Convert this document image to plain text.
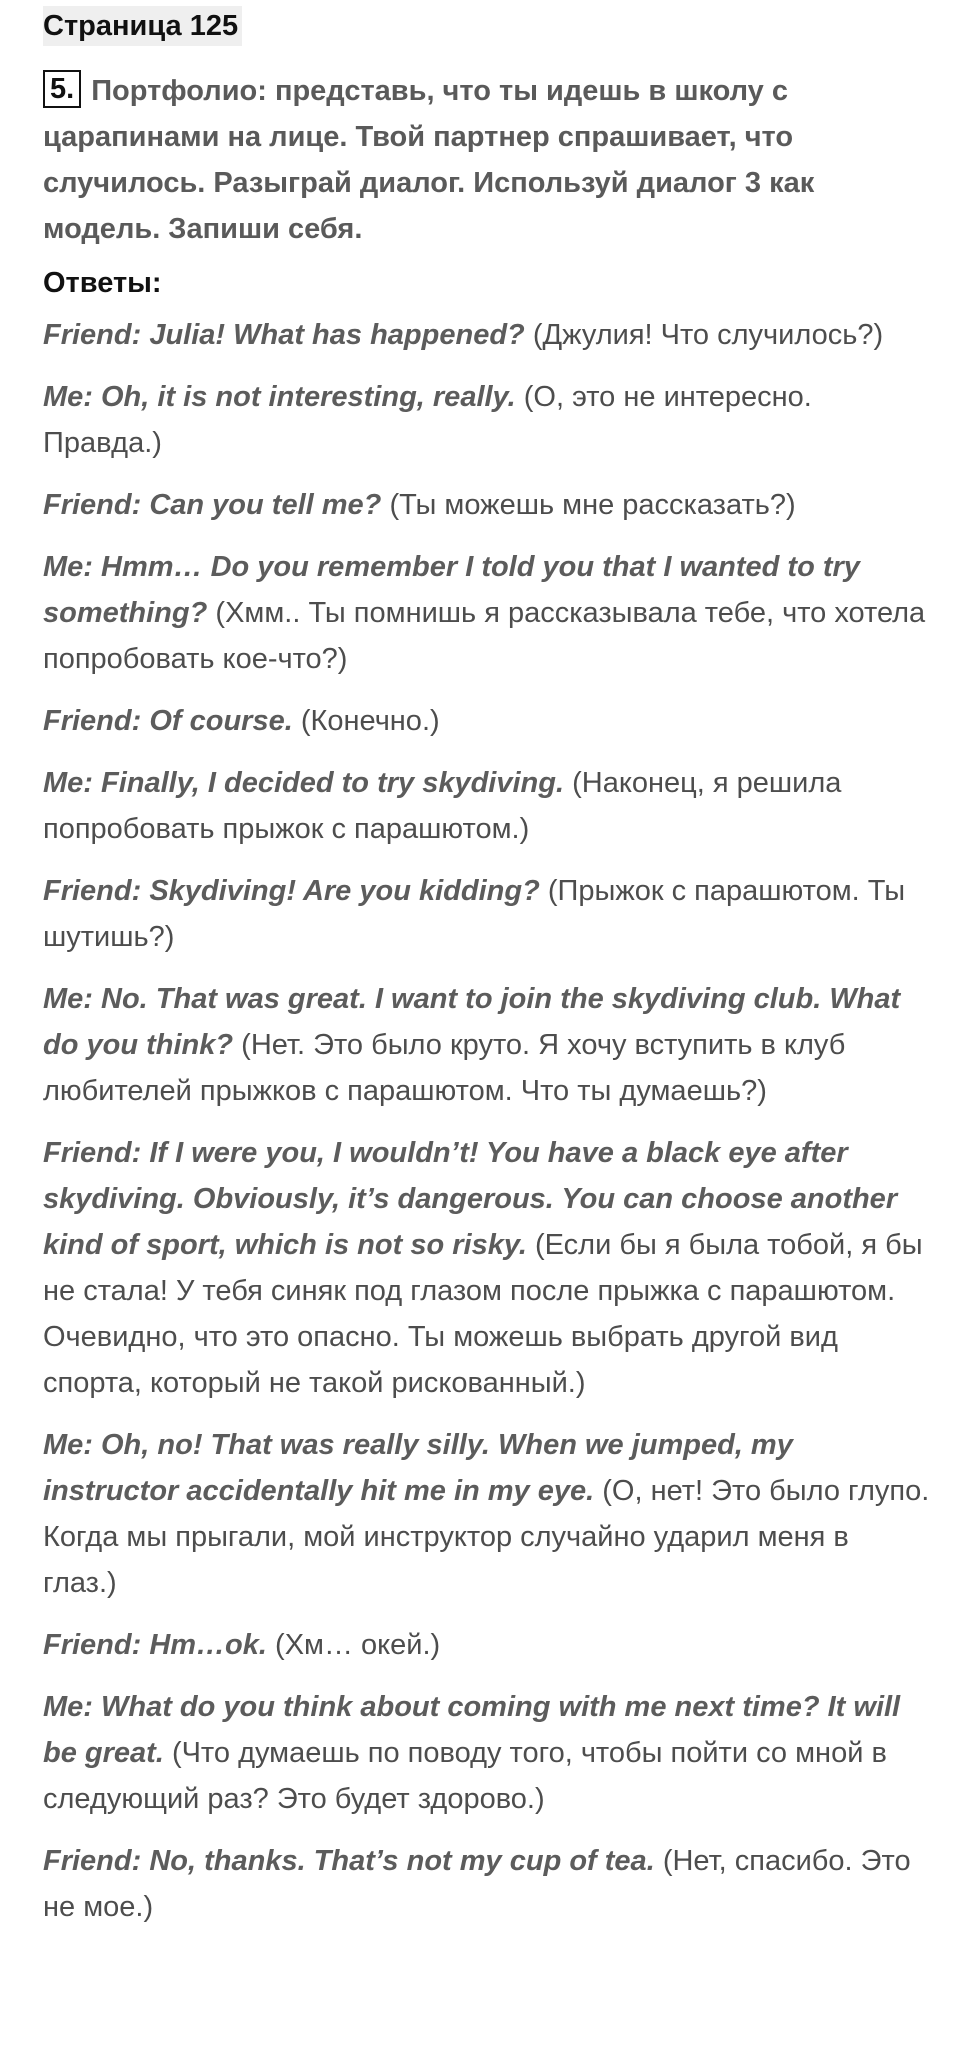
Страница 125
5. Портфолио: представь, что ты идешь в школу с царапинами на лице. Твой партнер спрашивает, что случилось. Разыграй диалог. Используй диалог 3 как модель. Запиши себя.
Ответы:

Friend: Julia! What has happened? (Джулия! Что случилось?)

Me: Oh, it is not interesting, really. (О, это не интересно. Правда.)

Friend: Can you tell me? (Ты можешь мне рассказать?)

Me: Hmm… Do you remember I told you that I wanted to try something? (Хмм.. Ты помнишь я рассказывала тебе, что хотела попробовать кое-что?)

Friend: Of course. (Конечно.)

Me: Finally, I decided to try skydiving. (Наконец, я решила попробовать прыжок с парашютом.)

Friend: Skydiving! Are you kidding? (Прыжок с парашютом. Ты шутишь?)

Me: No. That was great. I want to join the skydiving club. What do you think? (Нет. Это было круто. Я хочу вступить в клуб любителей прыжков с парашютом. Что ты думаешь?)

Friend: If I were you, I wouldn’t! You have a black eye after skydiving. Obviously, it’s dangerous. You can choose another kind of sport, which is not so risky. (Если бы я была тобой, я бы не стала! У тебя синяк под глазом после прыжка с парашютом. Очевидно, что это опасно. Ты можешь выбрать другой вид спорта, который не такой рискованный.)

Me: Oh, no! That was really silly. When we jumped, my instructor accidentally hit me in my eye. (О, нет! Это было глупо. Когда мы прыгали, мой инструктор случайно ударил меня в глаз.)

Friend: Hm…ok. (Хм… окей.)

Me: What do you think about coming with me next time? It will be great. (Что думаешь по поводу того, чтобы пойти со мной в следующий раз? Это будет здорово.)

Friend: No, thanks. That’s not my cup of tea. (Нет, спасибо. Это не мое.)
